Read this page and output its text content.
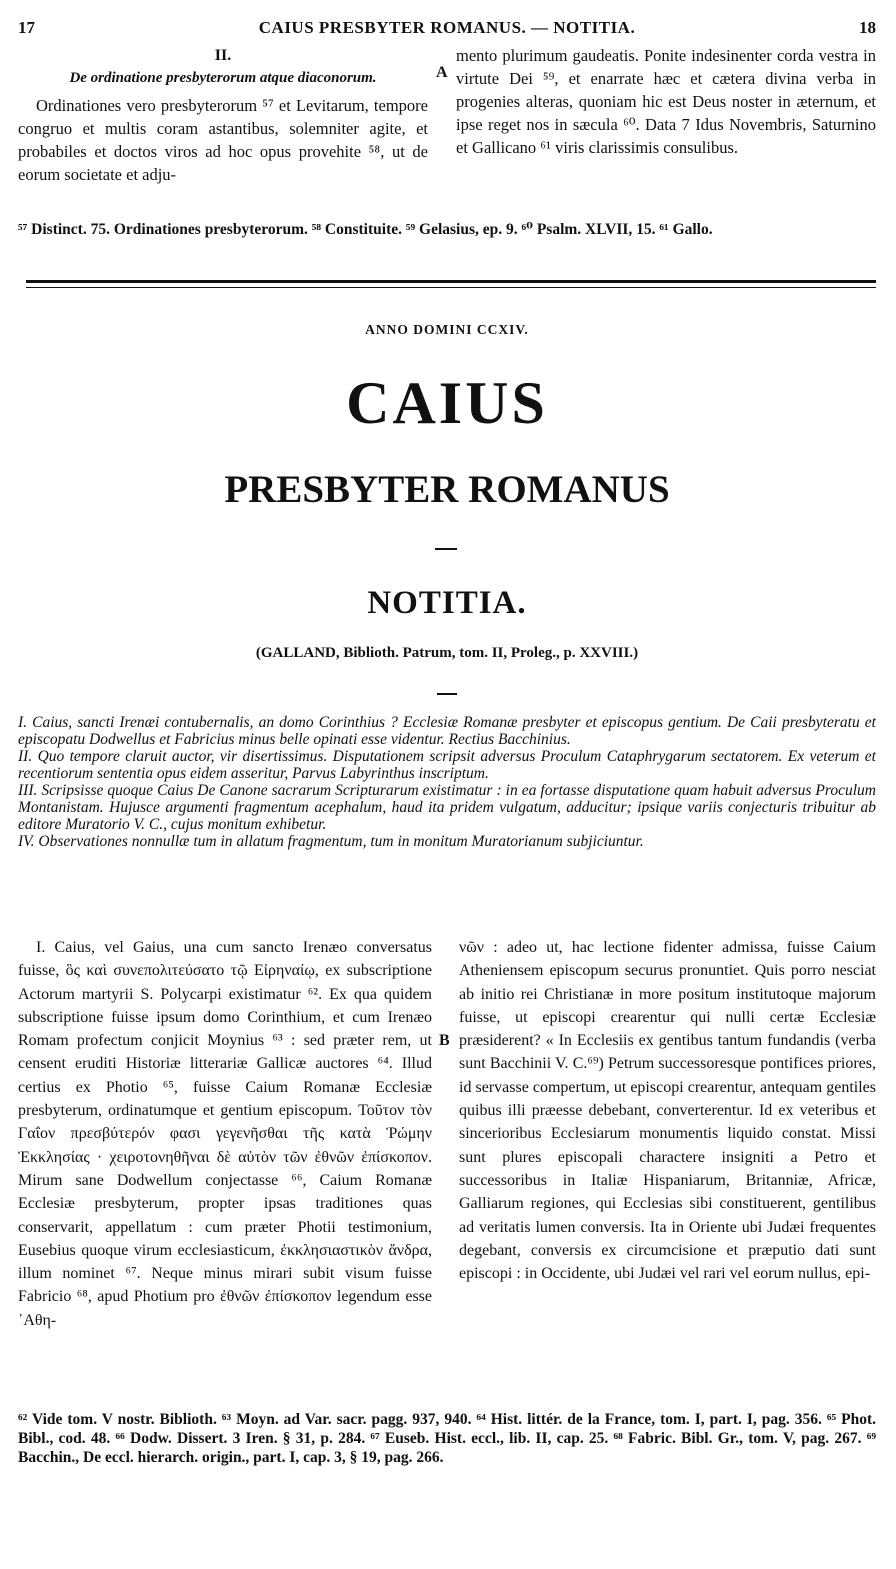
17	CAIUS PRESBYTER ROMANUS. — NOTITIA.	18

II.

De ordinatione presbyterorum atque diaconorum.

Ordinationes vero presbyterorum ⁵⁷ et Levitarum, tempore congruo et multis coram astantibus, solemniter agite, et probabiles et doctos viros ad hoc opus provehite ⁵⁸, ut de eorum societate et adju-

A

mento plurimum gaudeatis. Ponite indesinenter corda vestra in virtute Dei ⁵⁹, et enarrate hæc et cætera divina verba in progenies alteras, quoniam hic est Deus noster in æternum, et ipse reget nos in sæcula ⁶⁰. Data 7 Idus Novembris, Saturnino et Gallicano ⁶¹ viris clarissimis consulibus.

⁵⁷ Distinct. 75. Ordinationes presbyterorum. ⁵⁸ Constituite. ⁵⁹ Gelasius, ep. 9. ⁶⁰ Psalm. XLVII, 15. ⁶¹ Gallo.
ANNO DOMINI CCXIV.
CAIUS
PRESBYTER ROMANUS
NOTITIA.
(GALLAND, Biblioth. Patrum, tom. II, Proleg., p. XXVIII.)

I. Caius, sancti Irenæi contubernalis, an domo Corinthius ? Ecclesiæ Romanæ presbyter et episcopus gentium. De Caii presbyteratu et episcopatu Dodwellus et Fabricius minus belle opinati esse videntur. Rectius Bacchinius.

II. Quo tempore claruit auctor, vir disertissimus. Disputationem scripsit adversus Proculum Cataphrygarum sectatorem. Ex veterum et recentiorum sententia opus eidem asseritur, Parvus Labyrinthus inscriptum.

III. Scripsisse quoque Caius De Canone sacrarum Scripturarum existimatur : in ea fortasse disputatione quam habuit adversus Proculum Montanistam. Hujusce argumenti fragmentum acephalum, haud ita pridem vulgatum, adducitur; ipsique variis conjecturis tribuitur ab editore Muratorio V. C., cujus monitum exhibetur.

IV. Observationes nonnullæ tum in allatum fragmentum, tum in monitum Muratorianum subjiciuntur.

I. Caius, vel Gaius, una cum sancto Irenæo conversatus fuisse, ὃς καὶ συνεπολιτεύσατο τῷ Εἰρηναίῳ, ex subscriptione Actorum martyrii S. Polycarpi existimatur ⁶². Ex qua quidem subscriptione fuisse ipsum domo Corinthium, et cum Irenæo Romam profectum conjicit Moynius ⁶³ : sed præter rem, ut censent eruditi Historiæ litterariæ Gallicæ auctores ⁶⁴. Illud certius ex Photio ⁶⁵, fuisse Caium Romanæ Ecclesiæ presbyterum, ordinatumque et gentium episcopum. Τοῦτον τὸν Γαΐον πρεσβύτερόν φασι γεγενῆσθαι τῆς κατὰ Ῥώμην Ἐκκλησίας · χειροτονηθῆναι δὲ αὐτὸν τῶν ἐθνῶν ἐπίσκοπον. Mirum sane Dodwellum conjectasse ⁶⁶, Caium Romanæ Ecclesiæ presbyterum, propter ipsas traditiones quas conservarit, appellatum : cum præter Photii testimonium, Eusebius quoque virum ecclesiasticum, ἐκκλησιαστικὸν ἄνδρα, illum nominet ⁶⁷. Neque minus mirari subit visum fuisse Fabricio ⁶⁸, apud Photium pro ἐθνῶν ἐπίσκοπον legendum esse ᾿Αθη-

B

νῶν : adeo ut, hac lectione fidenter admissa, fuisse Caium Atheniensem episcopum securus pronuntiet. Quis porro nesciat ab initio rei Christianæ in more positum institutoque majorum fuisse, ut episcopi crearentur qui nulli certæ Ecclesiæ præsiderent? « In Ecclesiis ex gentibus tantum fundandis (verba sunt Bacchinii V. C.⁶⁹) Petrum successoresque pontifices priores, id servasse compertum, ut episcopi crearentur, antequam gentiles quibus illi præesse debebant, converterentur. Id ex veteribus et sincerioribus Ecclesiarum monumentis liquido constat. Missi sunt plures episcopali charactere insigniti a Petro et successoribus in Italiæ Hispaniarum, Britanniæ, Africæ, Galliarum regiones, qui Ecclesias sibi constituerent, gentilibus ad veritatis lumen conversis. Ita in Oriente ubi Judæi frequentes degebant, conversis ex circumcisione et præputio dati sunt episcopi : in Occidente, ubi Judæi vel rari vel eorum nullus, epi-

⁶² Vide tom. V nostr. Biblioth. ⁶³ Moyn. ad Var. sacr. pagg. 937, 940. ⁶⁴ Hist. littér. de la France, tom. I, part. I, pag. 356. ⁶⁵ Phot. Bibl., cod. 48. ⁶⁶ Dodw. Dissert. 3 Iren. § 31, p. 284. ⁶⁷ Euseb. Hist. eccl., lib. II, cap. 25. ⁶⁸ Fabric. Bibl. Gr., tom. V, pag. 267. ⁶⁹ Bacchin., De eccl. hierarch. origin., part. I, cap. 3, § 19, pag. 266.
